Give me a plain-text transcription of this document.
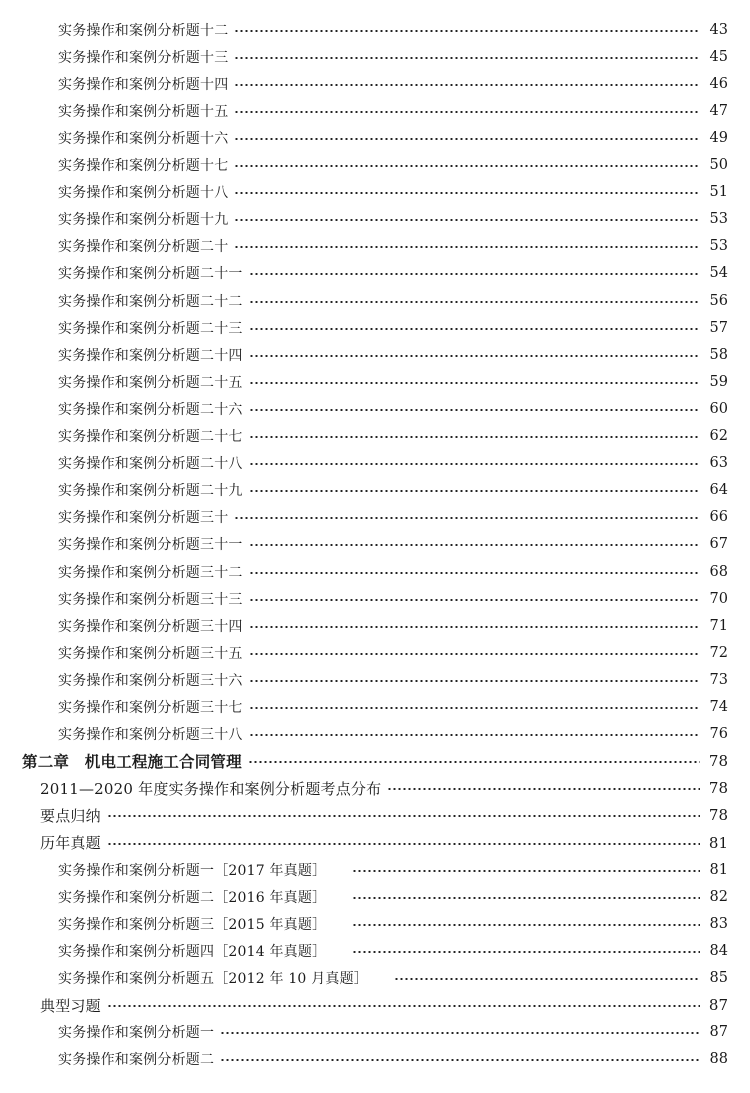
实务操作和案例分析题十二	43
实务操作和案例分析题十三	45
实务操作和案例分析题十四	46
实务操作和案例分析题十五	47
实务操作和案例分析题十六	49
实务操作和案例分析题十七	50
实务操作和案例分析题十八	51
实务操作和案例分析题十九	53
实务操作和案例分析题二十	53
实务操作和案例分析题二十一	54
实务操作和案例分析题二十二	56
实务操作和案例分析题二十三	57
实务操作和案例分析题二十四	58
实务操作和案例分析题二十五	59
实务操作和案例分析题二十六	60
实务操作和案例分析题二十七	62
实务操作和案例分析题二十八	63
实务操作和案例分析题二十九	64
实务操作和案例分析题三十	66
实务操作和案例分析题三十一	67
实务操作和案例分析题三十二	68
实务操作和案例分析题三十三	70
实务操作和案例分析题三十四	71
实务操作和案例分析题三十五	72
实务操作和案例分析题三十六	73
实务操作和案例分析题三十七	74
实务操作和案例分析题三十八	76
第二章　机电工程施工合同管理	78
2011—2020 年度实务操作和案例分析题考点分布	78
要点归纳	78
历年真题	81
实务操作和案例分析题一［2017 年真题］	81
实务操作和案例分析题二［2016 年真题］	82
实务操作和案例分析题三［2015 年真题］	83
实务操作和案例分析题四［2014 年真题］	84
实务操作和案例分析题五［2012 年 10 月真题］	85
典型习题	87
实务操作和案例分析题一	87
实务操作和案例分析题二	88
